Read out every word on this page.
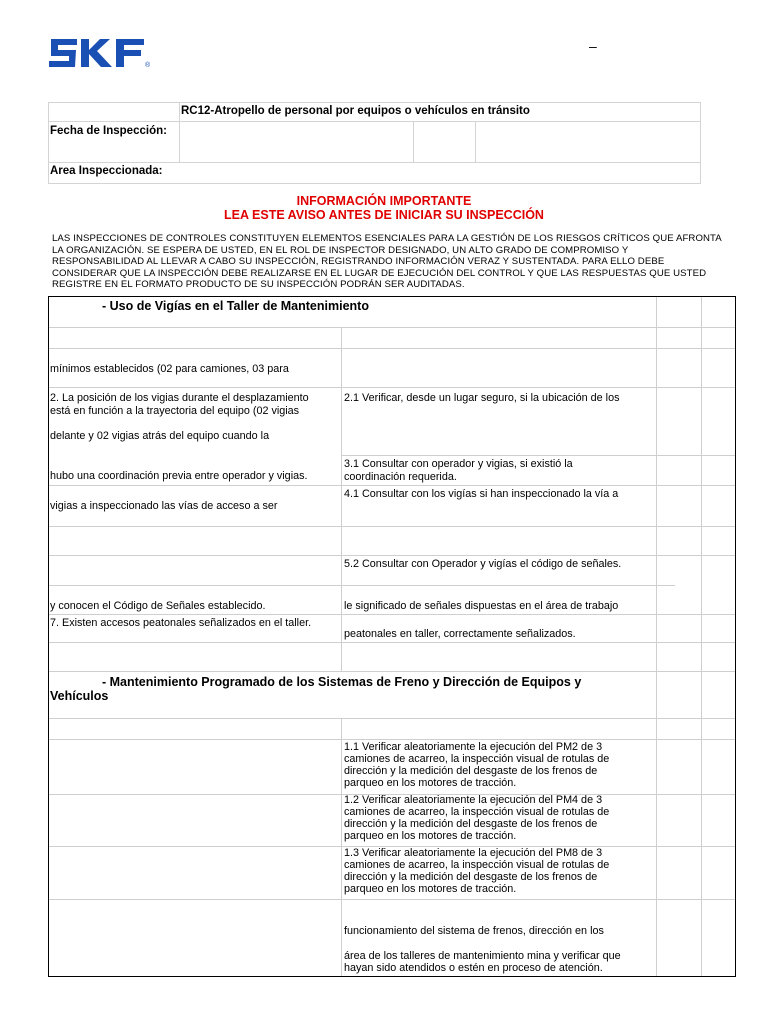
®
–
RC12-Atropello de personal por equipos o vehículos en tránsito
Fecha de Inspección:
Area Inspeccionada:
INFORMACIÓN IMPORTANTE
LEA ESTE AVISO ANTES DE INICIAR SU INSPECCIÓN
LAS INSPECCIONES DE CONTROLES CONSTITUYEN ELEMENTOS ESENCIALES PARA LA GESTIÓN DE LOS RIESGOS CRÍTICOS QUE AFRONTA LA ORGANIZACIÓN. SE ESPERA DE USTED, EN EL ROL DE INSPECTOR DESIGNADO, UN ALTO GRADO DE COMPROMISO Y RESPONSABILIDAD AL LLEVAR A CABO SU INSPECCIÓN, REGISTRANDO INFORMACIÓN VERAZ Y SUSTENTADA. PARA ELLO DEBE CONSIDERAR QUE LA INSPECCIÓN DEBE REALIZARSE EN EL LUGAR DE EJECUCIÓN DEL CONTROL Y QUE LAS RESPUESTAS QUE USTED REGISTRE EN EL FORMATO PRODUCTO DE SU INSPECCIÓN PODRÁN SER AUDITADAS.
- Uso de Vigías en el Taller de Mantenimiento
mínimos establecidos (02 para camiones, 03 para
2. La posición de los vigias durante el desplazamiento
está en función a la trayectoria del equipo (02 vigias
delante y 02 vigias atrás del equipo cuando la
2.1 Verificar, desde un lugar seguro, si la ubicación de los
hubo una coordinación previa entre operador y vigias.
3.1 Consultar con operador y vigias, si existió la
coordinación requerida.
vigias a inspeccionado las vías de acceso a ser
4.1 Consultar con los vigías si han inspeccionado la vía a
5.2 Consultar con Operador y vigías el código de señales.
y conocen el Código de Señales establecido.	le significado de señales dispuestas en el área de trabajo
7. Existen accesos peatonales señalizados en el taller.
peatonales en taller, correctamente señalizados.
- Mantenimiento Programado de los Sistemas de Freno y Dirección de Equipos y
Vehículos
1.1 Verificar aleatoriamente la ejecución del PM2 de 3
camiones de acarreo, la inspección visual de rotulas de
dirección y la medición del desgaste de los frenos de
parqueo en los motores de tracción.
1.2 Verificar aleatoriamente la ejecución del PM4 de 3
camiones de acarreo, la inspección visual de rotulas de
dirección y la medición del desgaste de los frenos de
parqueo en los motores de tracción.
1.3 Verificar aleatoriamente la ejecución del PM8 de 3
camiones de acarreo, la inspección visual de rotulas de
dirección y la medición del desgaste de los frenos de
parqueo en los motores de tracción.
funcionamiento del sistema de frenos, dirección en los
área de los talleres de mantenimiento mina y verificar que
hayan sido atendidos o estén en proceso de atención.
